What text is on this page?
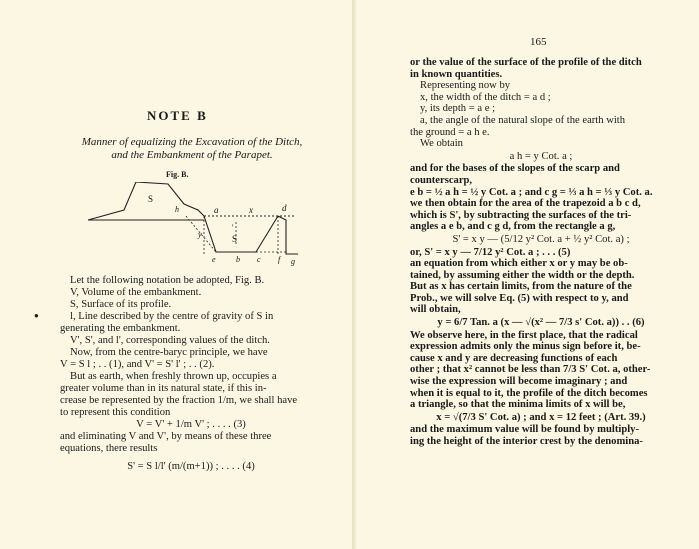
165
NOTE B
Manner of equalizing the Excavation of the Ditch,
and the Embankment of the Parapet.
Fig. B.
S
h	a	x	d
y
'
S
e	c
b	f g
●

Let the following notation be adopted, Fig. B.

V, Volume of the embankment.

S, Surface of its profile.

l, Line described by the centre of gravity of S in

generating the embankment.

V', S', and l', corresponding values of the ditch.

Now, from the centre-baryc principle, we have

V = S l ; . . (1), and V' = S' l' ; . . (2).

But as earth, when freshly thrown up, occupies a

greater volume than in its natural state, if this in-

crease be represented by the fraction 1/m, we shall have

to represent this condition

V = V' + 1/m V' ; . . . . (3)

and eliminating V and V', by means of these three

equations, there results

S' = S l/l' (m/(m+1)) ; . . . . (4)

or the value of the surface of the profile of the ditch

in known quantities.

Representing now by

x, the width of the ditch = a d ;

y, its depth = a e ;

a, the angle of the natural slope of the earth with

the ground = a h e.

We obtain

a h = y Cot. a ;

and for the bases of the slopes of the scarp and

counterscarp,

e b = ½ a h = ½ y Cot. a ; and c g = ⅓ a h = ⅓ y Cot. a.

we then obtain for the area of the trapezoid a b c d,

which is S', by subtracting the surfaces of the tri-

angles a e b, and c g d, from the rectangle a g,

S' = x y — (5/12 y² Cot. a + ½ y² Cot. a) ;

or, S' = x y — 7/12 y² Cot. a ; . . . (5)

an equation from which either x or y may be ob-

tained, by assuming either the width or the depth.

But as x has certain limits, from the nature of the

Prob., we will solve Eq. (5) with respect to y, and

will obtain,

y = 6/7 Tan. a (x — √(x² — 7/3 s' Cot. a)) . . (6)

We observe here, in the first place, that the radical

expression admits only the minus sign before it, be-

cause x and y are decreasing functions of each

other ; that x² cannot be less than 7/3 S' Cot. a, other-

wise the expression will become imaginary ; and

when it is equal to it, the profile of the ditch becomes

a triangle, so that the minima limits of x will be,

x = √(7/3 S' Cot. a) ; and x = 12 feet ; (Art. 39.)

and the maximum value will be found by multiply-

ing the height of the interior crest by the denomina-
